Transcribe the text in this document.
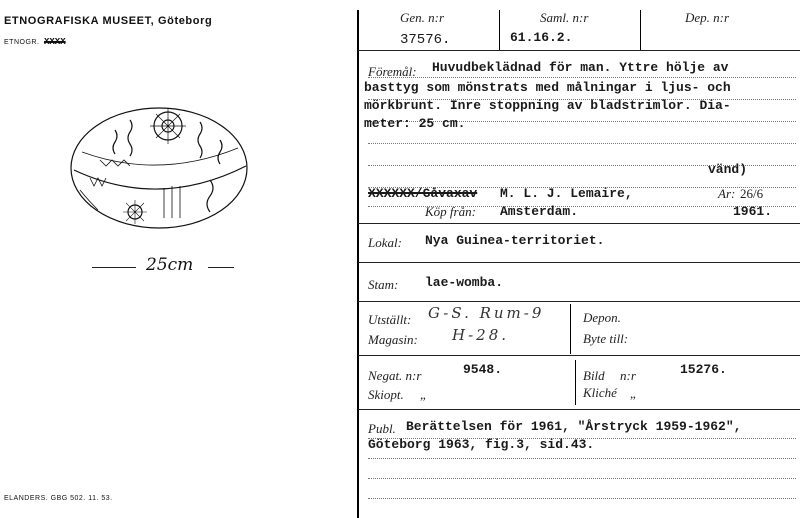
ETNOGRAFISKA MUSEET, Göteborg
ETNOGR. XXXX
25cm
ELANDERS. GBG 502. 11. 53.
Gen. n:r
37576.
Saml. n:r
61.16.2.
Dep. n:r
Föremål: Huvudbeklädnad för man. Yttre hölje av
basttyg som mönstrats med målningar i ljus- och
mörkbrunt. Inre stoppning av bladstrimlor. Dia-
meter: 25 cm.
vänd)
XXXXXX/Gåvaxav M. L. J. Lemaire,	Ar: 26/6
Köp från: Amsterdam.	1961.
Lokal: Nya Guinea-territoriet.
Stam: lae-womba.
Utställt: G-S. Rum-9	Depon.
Magasin: H-28.	Byte till:
Negat. n:r	9548.	Bild n:r	15276.
Skiopt. „	Kliché „
Publ. Berättelsen för 1961, "Årstryck 1959-1962",
Göteborg 1963, fig.3, sid.43.
